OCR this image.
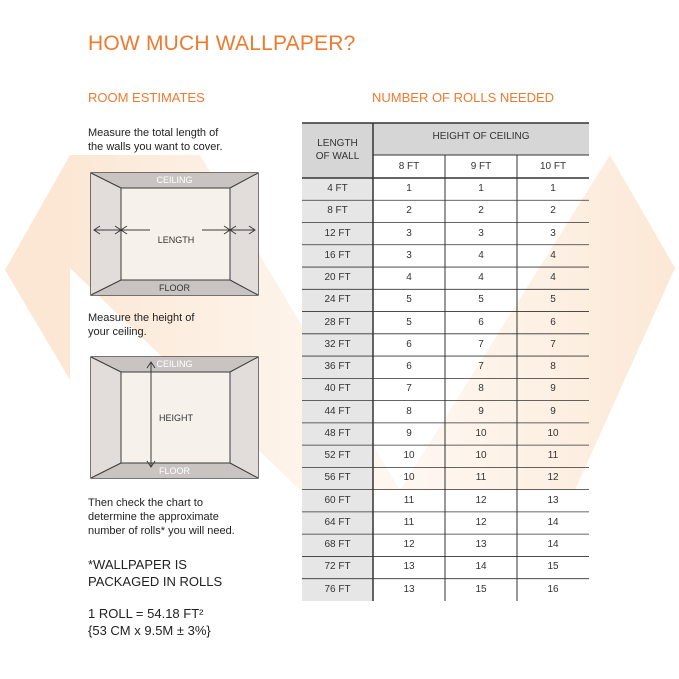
HOW MUCH WALLPAPER?
ROOM ESTIMATES
Measure the total length of
the walls you want to cover.
CEILING
LENGTH
FLOOR
Measure the height of
your ceiling.
CEILING
HEIGHT
FLOOR
Then check the chart to
determine the approximate
number of rolls* you will need.
*WALLPAPER IS
PACKAGED IN ROLLS
1 ROLL = 54.18 FT²
{53 CM x 9.5M ± 3%}
NUMBER OF ROLLS NEEDED
LENGTH
OF WALL
HEIGHT OF CEILING
8 FT	9 FT	10 FT
4 FT	1	1	1
8 FT	2	2	2
12 FT	3	3	3
16 FT	3	4	4
20 FT	4	4	4
24 FT	5	5	5
28 FT	5	6	6
32 FT	6	7	7
36 FT	6	7	8
40 FT	7	8	9
44 FT	8	9	9
48 FT	9	10	10
52 FT	10	10	11
56 FT	10	11	12
60 FT	11	12	13
64 FT	11	12	14
68 FT	12	13	14
72 FT	13	14	15
76 FT	13	15	16
